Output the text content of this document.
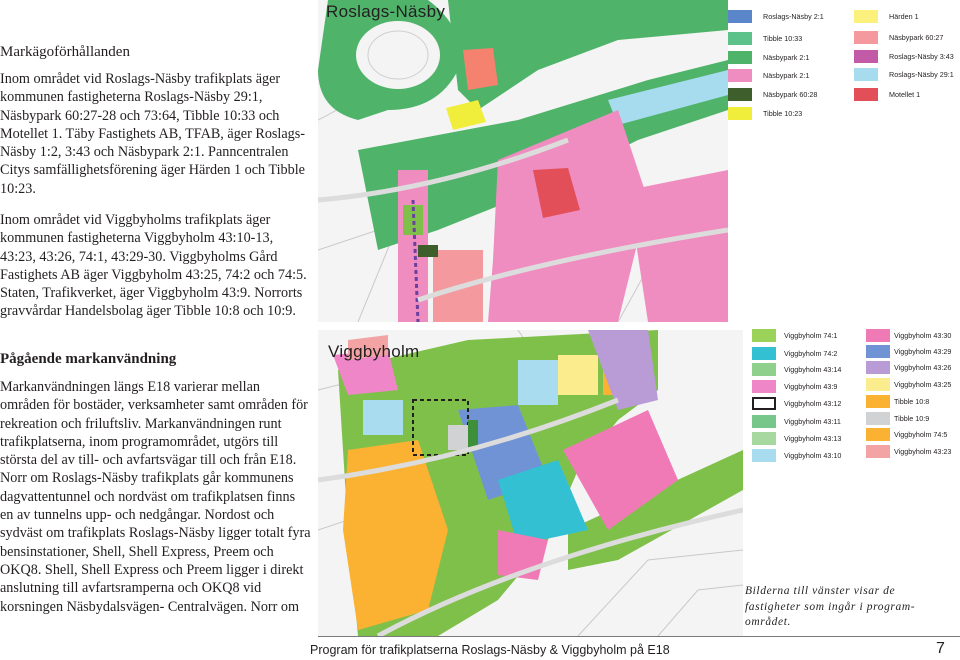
Markägoförhållanden

Inom området vid Roslags-Näsby trafikplats äger kommunen fastigheterna Roslags-Näsby 29:1, Näsbypark 60:27-28 och 73:64, Tibble 10:33 och Motellet 1. Täby Fastighets AB, TFAB, äger Roslags-Näsby 1:2, 3:43 och Näsbypark 2:1. Panncentralen Citys samfällighetsförening äger Härden 1 och Tibble 10:23.

Inom området vid Viggbyholms trafikplats äger kommunen fastigheterna Viggbyholm 43:10-13, 43:23, 43:26, 74:1, 43:29-30. Viggbyholms Gård Fastighets AB äger Viggbyholm 43:25, 74:2 och 74:5. Staten, Trafikverket, äger Viggbyholm 43:9. Norrorts gravvårdar Handelsbolag äger Tibble 10:8 och 10:9.

Pågående markanvändning

Markanvändningen längs E18 varierar mellan områden för bostäder, verksamheter samt områden för rekreation och friluftsliv. Markanvändningen runt trafikplatserna, inom programområdet, utgörs till största del av till- och avfartsvägar till och från E18. Norr om Roslags-Näsby trafikplats går kommunens dagvattentunnel och nordväst om trafikplatsen finns en av tunnelns upp- och nedgångar. Nordost och sydväst om trafikplats Roslags-Näsby ligger totalt fyra bensinstationer, Shell, Shell Express, Preem och OKQ8. Shell, Shell Express och Preem ligger i direkt anslutning till avfartsramperna och OKQ8 vid korsningen Näsbydalsvägen- Centralvägen. Norr om

Roslags-Näsby	Roslags-Näsby 2:1
Tibble 10:33
Näsbypark 2:1
Näsbypark 2:1
Näsbypark 60:28
Tibble 10:23
Härden 1
Näsbypark 60:27
Roslags-Näsby 3:43
Roslags-Näsby 29:1
Motellet 1
Viggbyholm
Viggbyholm 74:1
Viggbyholm 74:2
Viggbyholm 43:14
Viggbyholm 43:9
Viggbyholm 43:12
Viggbyholm 43:11
Viggbyholm 43:13
Viggbyholm 43:10
Viggbyholm 43:30
Viggbyholm 43:29
Viggbyholm 43:26
Viggbyholm 43:25
Tibble 10:8
Tibble 10:9
Viggbyholm 74:5
Viggbyholm 43:23
Bilderna till vänster visar de fastigheter som ingår i program-området.
Program för trafikplatserna Roslags-Näsby & Viggbyholm på E18	7
